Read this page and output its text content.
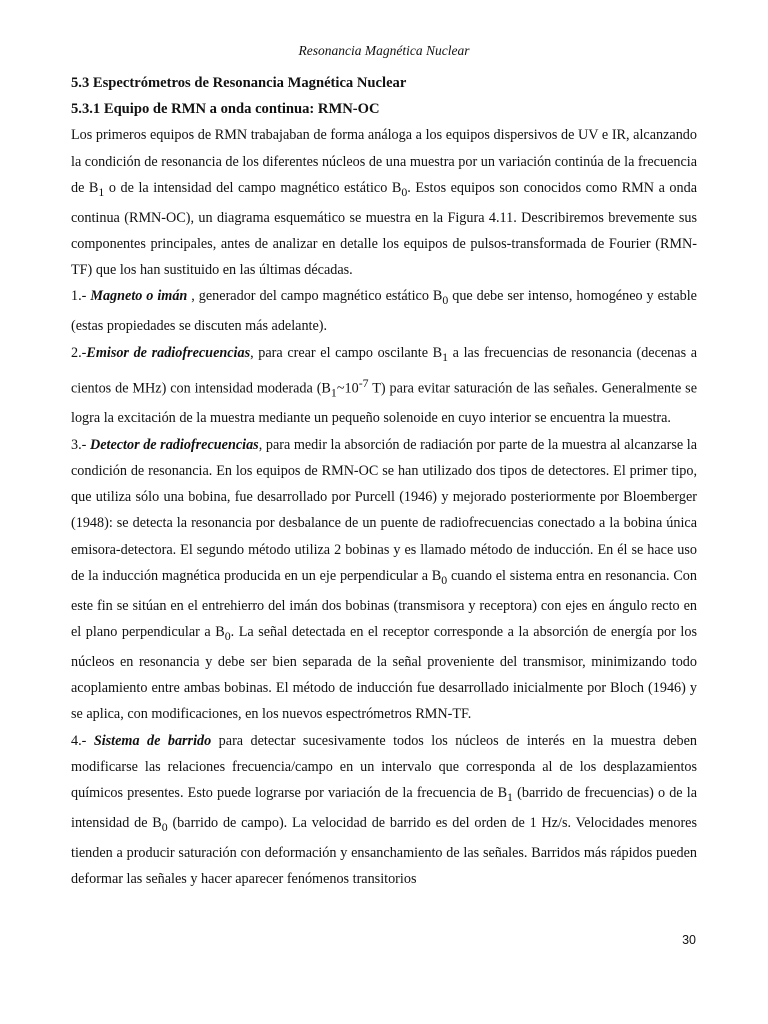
Resonancia Magnética Nuclear

5.3 Espectrómetros de Resonancia Magnética Nuclear

5.3.1 Equipo de RMN a onda continua: RMN-OC

Los primeros equipos de RMN trabajaban de forma análoga a los equipos dispersivos de UV e IR, alcanzando la condición de resonancia de los diferentes núcleos de una muestra por un variación continúa de la frecuencia de $B_1$ o de la intensidad del campo magnético estático $B_0$. Estos equipos son conocidos como RMN a onda continua (RMN-OC), un diagrama esquemático se muestra en la Figura 4.11. Describiremos brevemente sus componentes principales, antes de analizar en detalle los equipos de pulsos-transformada de Fourier (RMN-TF) que los han sustituido en las últimas décadas.

1.- Magneto o imán , generador del campo magnético estático $B_0$ que debe ser intenso, homogéneo y estable (estas propiedades se discuten más adelante).

2.-Emisor de radiofrecuencias, para crear el campo oscilante $B_1$ a las frecuencias de resonancia (decenas a cientos de MHz) con intensidad moderada ($B_1\sim 10^{-7}$ T) para evitar saturación de las señales. Generalmente se logra la excitación de la muestra mediante un pequeño solenoide en cuyo interior se encuentra la muestra.

3.- Detector de radiofrecuencias, para medir la absorción de radiación por parte de la muestra al alcanzarse la condición de resonancia. En los equipos de RMN-OC se han utilizado dos tipos de detectores. El primer tipo, que utiliza sólo una bobina, fue desarrollado por Purcell (1946) y mejorado posteriormente por Bloemberger (1948): se detecta la resonancia por desbalance de un puente de radiofrecuencias conectado a la bobina única emisora-detectora. El segundo método utiliza 2 bobinas y es llamado método de inducción. En él se hace uso de la inducción magnética producida en un eje perpendicular a $B_0$ cuando el sistema entra en resonancia. Con este fin se sitúan en el entrehierro del imán dos bobinas (transmisora y receptora) con ejes en ángulo recto en el plano perpendicular a $B_0$. La señal detectada en el receptor corresponde a la absorción de energía por los núcleos en resonancia y debe ser bien separada de la señal proveniente del transmisor, minimizando todo acoplamiento entre ambas bobinas. El método de inducción fue desarrollado inicialmente por Bloch (1946) y se aplica, con modificaciones, en los nuevos espectrómetros RMN-TF.

4.- Sistema de barrido para detectar sucesivamente todos los núcleos de interés en la muestra deben modificarse las relaciones frecuencia/campo en un intervalo que corresponda al de los desplazamientos químicos presentes. Esto puede lograrse por variación de la frecuencia de $B_1$ (barrido de frecuencias) o de la intensidad de $B_0$ (barrido de campo). La velocidad de barrido es del orden de 1 Hz/s. Velocidades menores tienden a producir saturación con deformación y ensanchamiento de las señales. Barridos más rápidos pueden deformar las señales y hacer aparecer fenómenos transitorios

30
